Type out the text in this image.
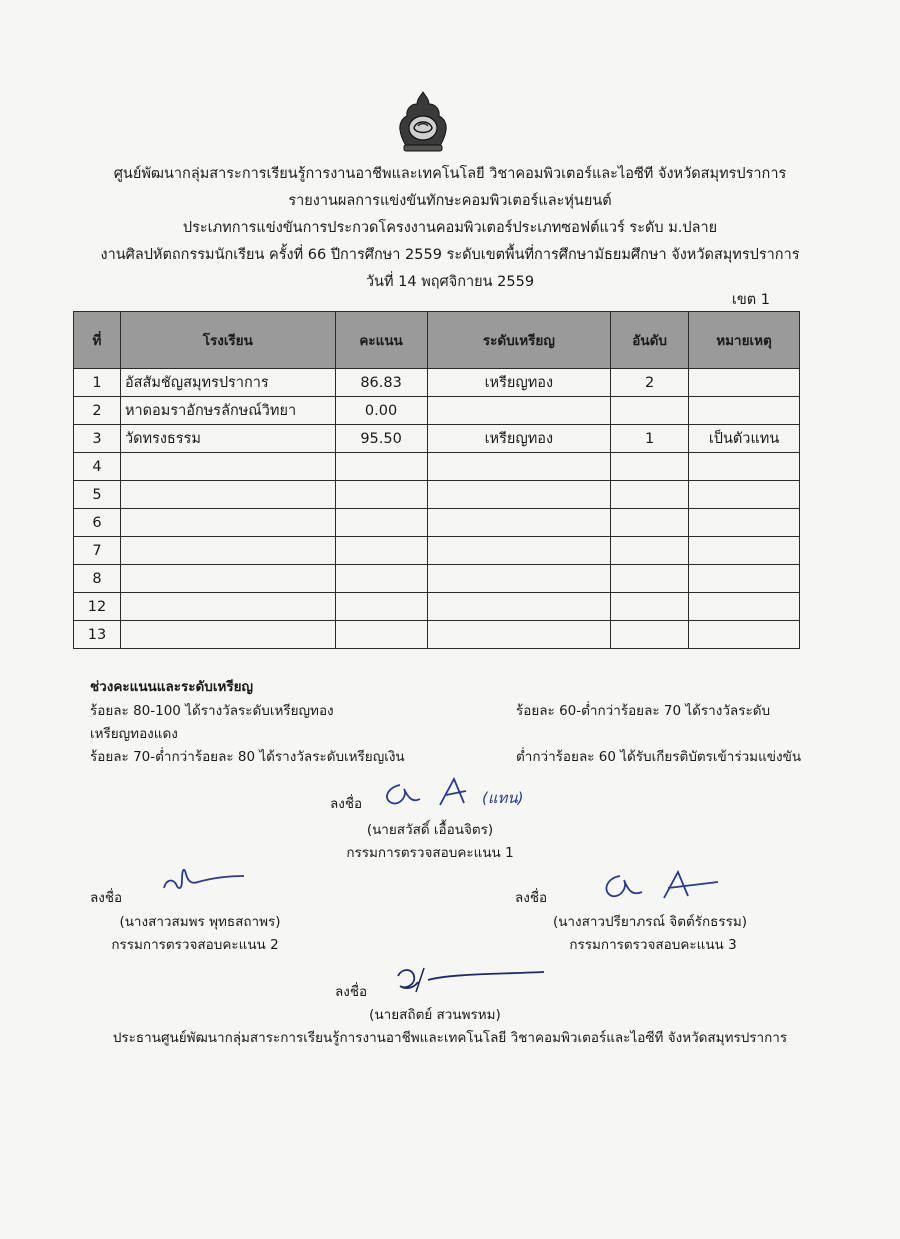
ศูนย์พัฒนากลุ่มสาระการเรียนรู้การงานอาชีพและเทคโนโลยี วิชาคอมพิวเตอร์และไอซีที จังหวัดสมุทรปราการ
รายงานผลการแข่งขันทักษะคอมพิวเตอร์และหุ่นยนต์
ประเภทการแข่งขันการประกวดโครงงานคอมพิวเตอร์ประเภทซอฟต์แวร์ ระดับ ม.ปลาย
งานศิลปหัตถกรรมนักเรียน ครั้งที่ 66 ปีการศึกษา 2559 ระดับเขตพื้นที่การศึกษามัธยมศึกษา จังหวัดสมุทรปราการ
วันที่ 14 พฤศจิกายน 2559
เขต 1
ที่	โรงเรียน	คะแนน	ระดับเหรียญ	อันดับ	หมายเหตุ
1	อัสสัมชัญสมุทรปราการ	86.83	เหรียญทอง	2	
2	หาดอมราอักษรลักษณ์วิทยา	0.00			
3	วัดทรงธรรม	95.50	เหรียญทอง	1	เป็นตัวแทน
4					
5					
6					
7					
8					
12					
13					
ช่วงคะแนนและระดับเหรียญ
ร้อยละ 80-100 ได้รางวัลระดับเหรียญทอง	ร้อยละ 60-ต่ำกว่าร้อยละ 70 ได้รางวัลระดับ
เหรียญทองแดง
ร้อยละ 70-ต่ำกว่าร้อยละ 80 ได้รางวัลระดับเหรียญเงิน	ต่ำกว่าร้อยละ 60 ได้รับเกียรติบัตรเข้าร่วมแข่งขัน
ลงชื่อ	(แทน)
(นายสวัสดิ์ เอื้อนจิตร)
กรรมการตรวจสอบคะแนน 1
ลงชื่อ
(นางสาวสมพร พุทธสถาพร)
กรรมการตรวจสอบคะแนน 2
ลงชื่อ
(นางสาวปรียาภรณ์ จิตต์รักธรรม)
กรรมการตรวจสอบคะแนน 3
ลงชื่อ
(นายสถิตย์ สวนพรหม)
ประธานศูนย์พัฒนากลุ่มสาระการเรียนรู้การงานอาชีพและเทคโนโลยี วิชาคอมพิวเตอร์และไอซีที จังหวัดสมุทรปราการ
